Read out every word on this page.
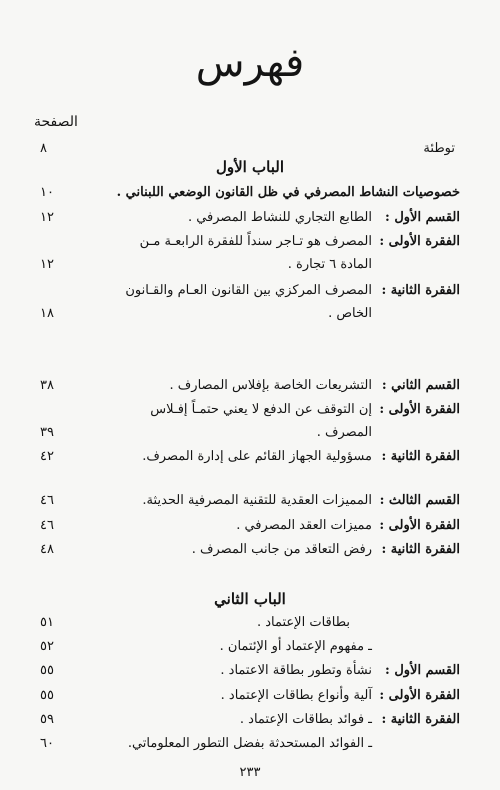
فهرس
الصفحة
توطئة
٨
الباب الأول
خصوصيات النشاط المصرفي في ظل القانون الوضعي اللبناني .
١٠
القسم الأول :
الطابع التجاري للنشاط المصرفي .
١٢
الفقرة الأولى :
المصرف هو تـاجر سنداً للفقرة الرابعـة مـن
المادة ٦ تجارة .
١٢
الفقرة الثانية :
المصرف المركزي بين القانون العـام والقـانون
الخاص .
١٨
القسم الثاني :
التشريعات الخاصة بإفلاس المصارف .
٣٨
الفقرة الأولى :
إن التوقف عن الدفع لا يعني حتمـاً إفـلاس
المصرف .
٣٩
الفقرة الثانية :
مسؤولية الجهاز القائم على إدارة المصرف.
٤٢
القسم الثالث :
المميزات العقدية للتقنية المصرفية الحديثة.
٤٦
الفقرة الأولى :
مميزات العقد المصرفي .
٤٦
الفقرة الثانية :
رفض التعاقد من جانب المصرف .
٤٨
الباب الثاني
بطاقات الإعتماد .
٥١
ـ مفهوم الإعتماد أو الإئتمان .
٥٢
القسم الأول :
نشأة وتطور بطاقة الاعتماد .
٥٥
الفقرة الأولى :
آلية وأنواع بطاقات الإعتماد .
٥٥
الفقرة الثانية :
ـ فوائد بطاقات الإعتماد .
٥٩
ـ الفوائد المستحدثة بفضل التطور المعلوماتي.
٦٠
٢٣٣
